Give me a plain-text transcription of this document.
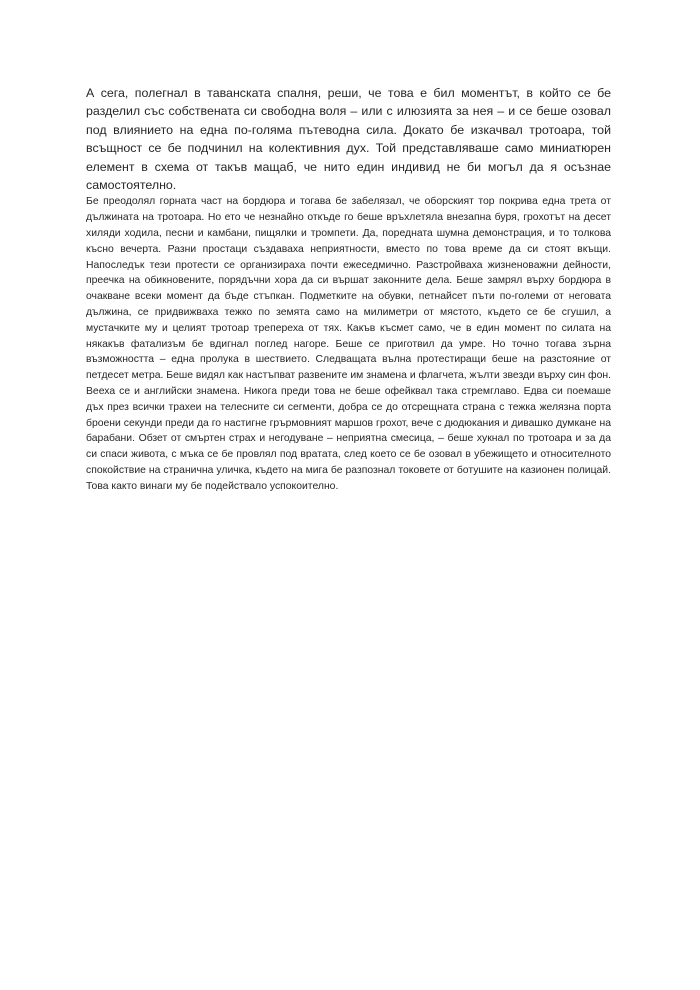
А сега, полегнал в таванската спалня, реши, че това е бил моментът, в който се бе разделил със собствената си свободна воля – или с илюзията за нея – и се беше озовал под влиянието на една по-голяма пътеводна сила. Докато бе изкачвал тротоара, той всъщност се бе подчинил на колективния дух. Той представляваше само миниатюрен елемент в схема от такъв мащаб, че нито един индивид не би могъл да я осъзнае самостоятелно.

Бе преодолял горната част на бордюра и тогава бе забелязал, че оборският тор покрива една трета от дължината на тротоара. Но ето че незнайно откъде го беше връхлетяла внезапна буря, грохотът на десет хиляди ходила, песни и камбани, пищялки и тромпети. Да, поредната шумна демонстрация, и то толкова късно вечерта. Разни простаци създаваха неприятности, вместо по това време да си стоят вкъщи. Напоследък тези протести се организираха почти ежеседмично. Разстройваха жизненоважни дейности, преечка на обикновените, порядъчни хора да си вършат законните дела. Беше замрял върху бордюра в очакване всеки момент да бъде стъпкан. Подметките на обувки, петнайсет пъти по-големи от неговата дължина, се придвижваха тежко по земята само на милиметри от мястото, където се бе сгушил, а мустачките му и целият тротоар трепереха от тях. Какъв късмет само, че в един момент по силата на някакъв фатализъм бе вдигнал поглед нагоре. Беше се приготвил да умре. Но точно тогава зърна възможността – една пролука в шествието. Следващата вълна протестиращи беше на разстояние от петдесет метра. Беше видял как настъпват развените им знамена и флагчета, жълти звезди върху син фон. Вееха се и английски знамена. Никога преди това не беше офейквал така стремглаво. Едва си поемаше дъх през всички трахеи на телесните си сегменти, добра се до отсрещната страна с тежка желязна порта броени секунди преди да го настигне грърмовният маршов грохот, вече с дюдюкания и дивашко думкане на барабани. Обзет от смъртен страх и негодуване – неприятна смесица, – беше хукнал по тротоара и за да си спаси живота, с мъка се бе провлял под вратата, след което се бе озовал в убежището и относителното спокойствие на странична уличка, където на мига бе разпознал токовете от ботушите на казионен полицай. Това както винаги му бе подействало успокоително.
